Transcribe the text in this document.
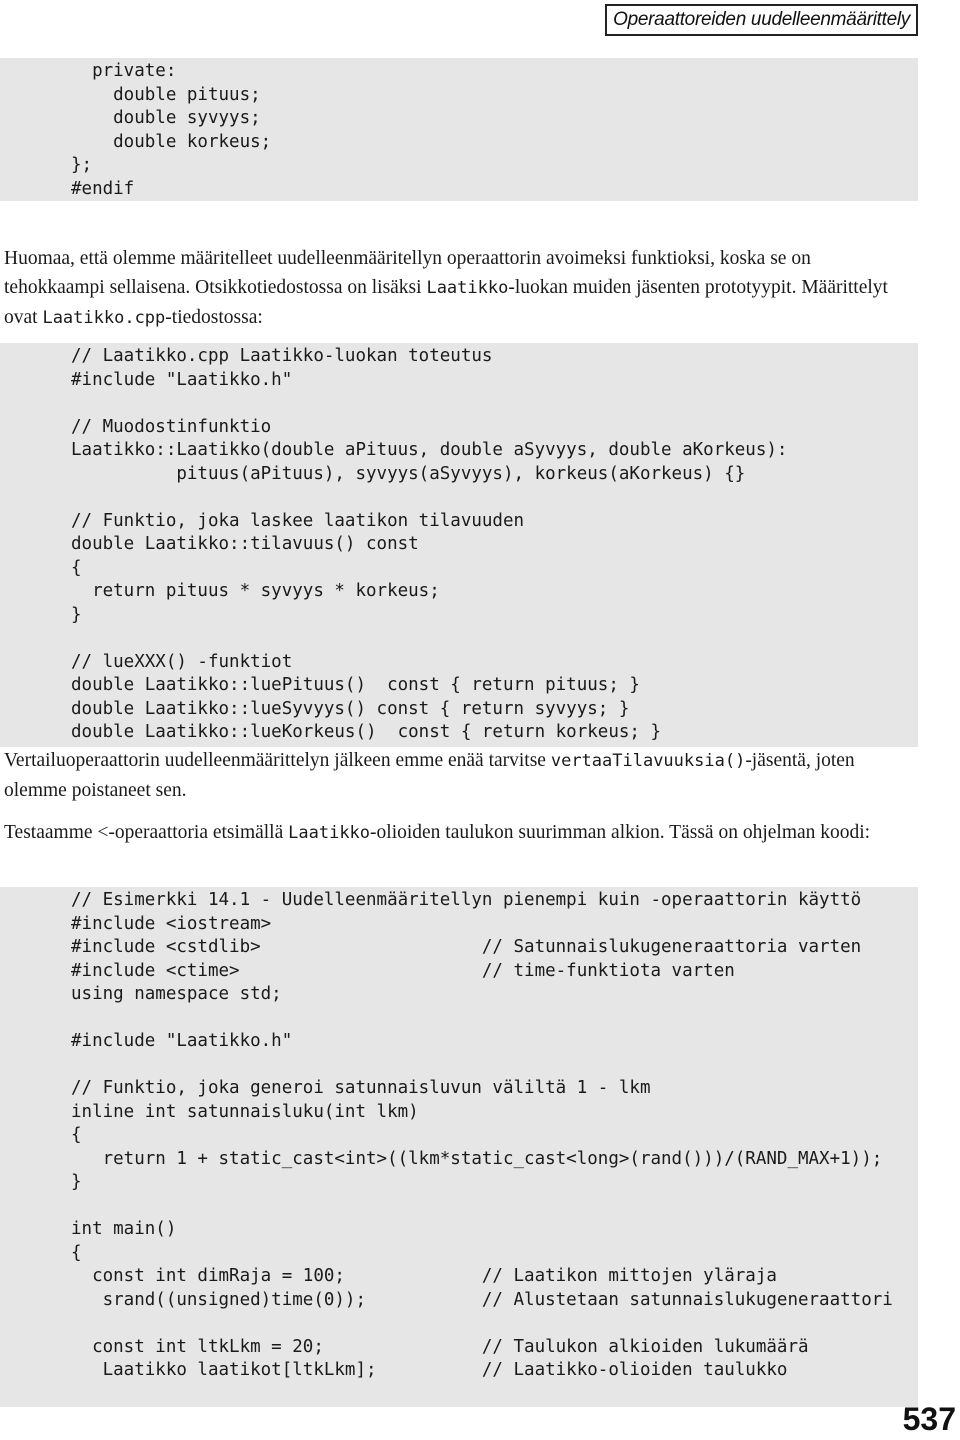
Operaattoreiden uudelleenmäärittely
private:
double pituus;
double syvyys;
double korkeus;
};
#endif

Huomaa, että olemme määritelleet uudelleenmääritellyn operaattorin avoimeksi funktioksi, koska se on tehokkaampi sellaisena. Otsikkotiedostossa on lisäksi Laatikko-luokan muiden jäsenten prototyypit. Määrittelyt ovat Laatikko.cpp-tiedostossa:

// Laatikko.cpp Laatikko-luokan toteutus
#include "Laatikko.h"
// Muodostinfunktio
Laatikko::Laatikko(double aPituus, double aSyvyys, double aKorkeus):
pituus(aPituus), syvyys(aSyvyys), korkeus(aKorkeus) {}
// Funktio, joka laskee laatikon tilavuuden
double Laatikko::tilavuus() const
{
return pituus * syvyys * korkeus;
}
// lueXXX() -funktiot
double Laatikko::luePituus()  const { return pituus; }
double Laatikko::lueSyvyys() const { return syvyys; }
double Laatikko::lueKorkeus()  const { return korkeus; }

Vertailuoperaattorin uudelleenmäärittelyn jälkeen emme enää tarvitse vertaaTilavuuksia()-jäsentä, joten olemme poistaneet sen.

Testaamme <-operaattoria etsimällä Laatikko-olioiden taulukon suurimman alkion. Tässä on ohjelman koodi:

// Esimerkki 14.1 - Uudelleenmääritellyn pienempi kuin -operaattorin käyttö
#include <iostream>
#include <cstdlib>                     // Satunnaislukugeneraattoria varten
#include <ctime>                       // time-funktiota varten
using namespace std;
#include "Laatikko.h"
// Funktio, joka generoi satunnaisluvun väliltä 1 - lkm
inline int satunnaisluku(int lkm)
{
return 1 + static_cast<int>((lkm*static_cast<long>(rand()))/(RAND_MAX+1));
}
int main()
{
const int dimRaja = 100;             // Laatikon mittojen yläraja
srand((unsigned)time(0));           // Alustetaan satunnaislukugeneraattori
const int ltkLkm = 20;               // Taulukon alkioiden lukumäärä
Laatikko laatikot[ltkLkm];          // Laatikko-olioiden taulukko
537
